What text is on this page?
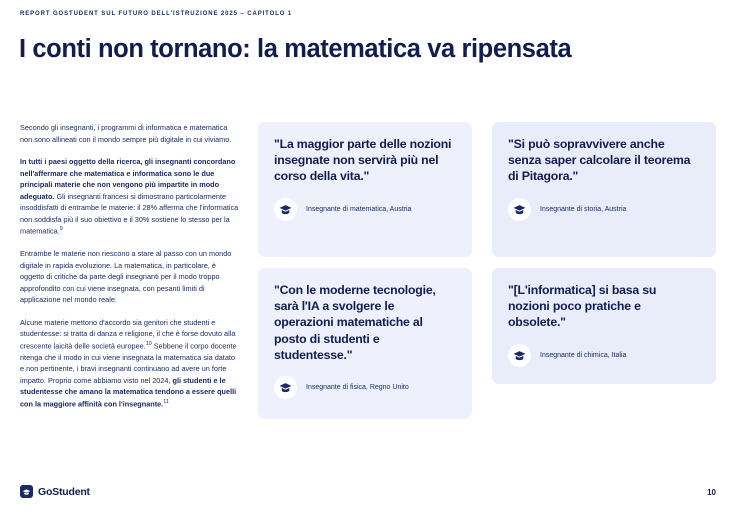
REPORT GOSTUDENT SUL FUTURO DELL'ISTRUZIONE 2025 – CAPITOLO 1
I conti non tornano: la matematica va ripensata

Secondo gli insegnanti, i programmi di informatica e matematica non sono allineati con il mondo sempre più digitale in cui viviamo.

In tutti i paesi oggetto della ricerca, gli insegnanti concordano nell'affermare che matematica e informatica sono le due principali materie che non vengono più impartite in modo adeguato. Gli insegnanti francesi si dimostrano particolarmente insoddisfatti di entrambe le materie: il 28% afferma che l'informatica non soddisfa più il suo obiettivo e il 30% sostiene lo stesso per la matematica.$^9$

Entrambe le materie non riescono a stare al passo con un mondo digitale in rapida evoluzione. La matematica, in particolare, è oggetto di critiche da parte degli insegnanti per il modo troppo approfondito con cui viene insegnata, con pesanti limiti di applicazione nel mondo reale.

Alcune materie mettono d'accordo sia genitori che studenti e studentesse: si tratta di danza e religione, il che è forse dovuto alla crescente laicità delle società europee.$^{10}$ Sebbene il corpo docente ritenga che il modo in cui viene insegnata la matematica sia datato e non pertinente, i bravi insegnanti continuano ad avere un forte impatto. Proprio come abbiamo visto nel 2024, gli studenti e le studentesse che amano la matematica tendono a essere quelli con la maggiore affinità con l'insegnante.$^{11}$

"La maggior parte delle nozioni insegnate non servirà più nel corso della vita."
Insegnante di matematica, Austria
"Si può sopravvivere anche senza saper calcolare il teorema di Pitagora."
Insegnante di storia, Austria
"Con le moderne tecnologie, sarà l'IA a svolgere le operazioni matematiche al posto di studenti e studentesse."
Insegnante di fisica, Regno Unito
"[L'informatica] si basa su nozioni poco pratiche e obsolete."
Insegnante di chimica, Italia
GoStudent	10
